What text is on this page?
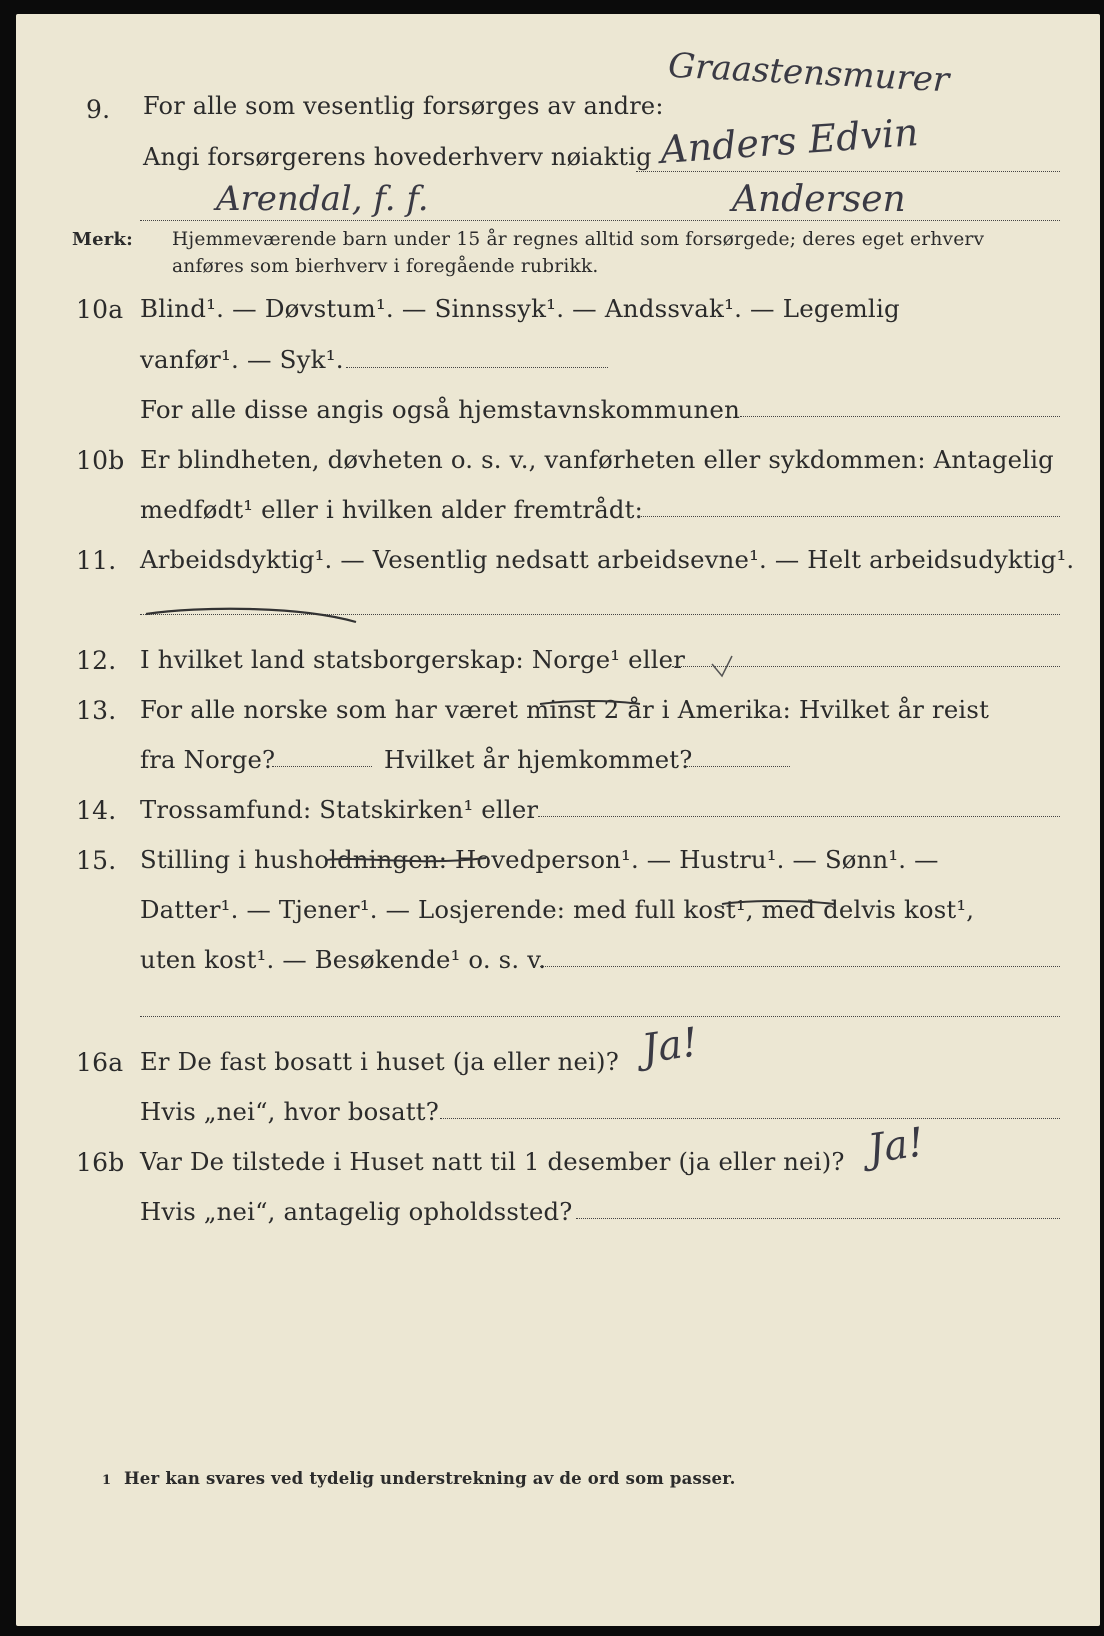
9. For alle som vesentlig forsørges av andre:
Angi forsørgerens hovederhverv nøiaktig
Graastensmurer
Anders Edvin
Andersen
Arendal, f. f.
Merk: Hjemmeværende barn under 15 år regnes alltid som forsørgede; deres eget erhverv
anføres som bierhverv i foregående rubrikk.
10a Blind¹. — Døvstum¹. — Sinnssyk¹. — Andssvak¹. — Legemlig
vanfør¹. — Syk¹.
For alle disse angis også hjemstavnskommunen
10b Er blindheten, døvheten o. s. v., vanførheten eller sykdommen: Antagelig
medfødt¹ eller i hvilken alder fremtrådt:
11. Arbeidsdyktig¹. — Vesentlig nedsatt arbeidsevne¹. — Helt arbeidsudyktig¹.
12. I hvilket land statsborgerskap: Norge¹ eller
13. For alle norske som har været minst 2 år i Amerika: Hvilket år reist
fra Norge?	Hvilket år hjemkommet?
14. Trossamfund: Statskirken¹ eller
15. Stilling i husholdningen: Hovedperson¹. — Hustru¹. — Sønn¹. —
Datter¹. — Tjener¹. — Losjerende: med full kost¹, med delvis kost¹,
uten kost¹. — Besøkende¹ o. s. v.
16a Er De fast bosatt i huset (ja eller nei)?
Hvis „nei“, hvor bosatt?
Ja!
16b Var De tilstede i Huset natt til 1 desember (ja eller nei)?
Hvis „nei“, antagelig opholdssted?
Ja!
1 Her kan svares ved tydelig understrekning av de ord som passer.
